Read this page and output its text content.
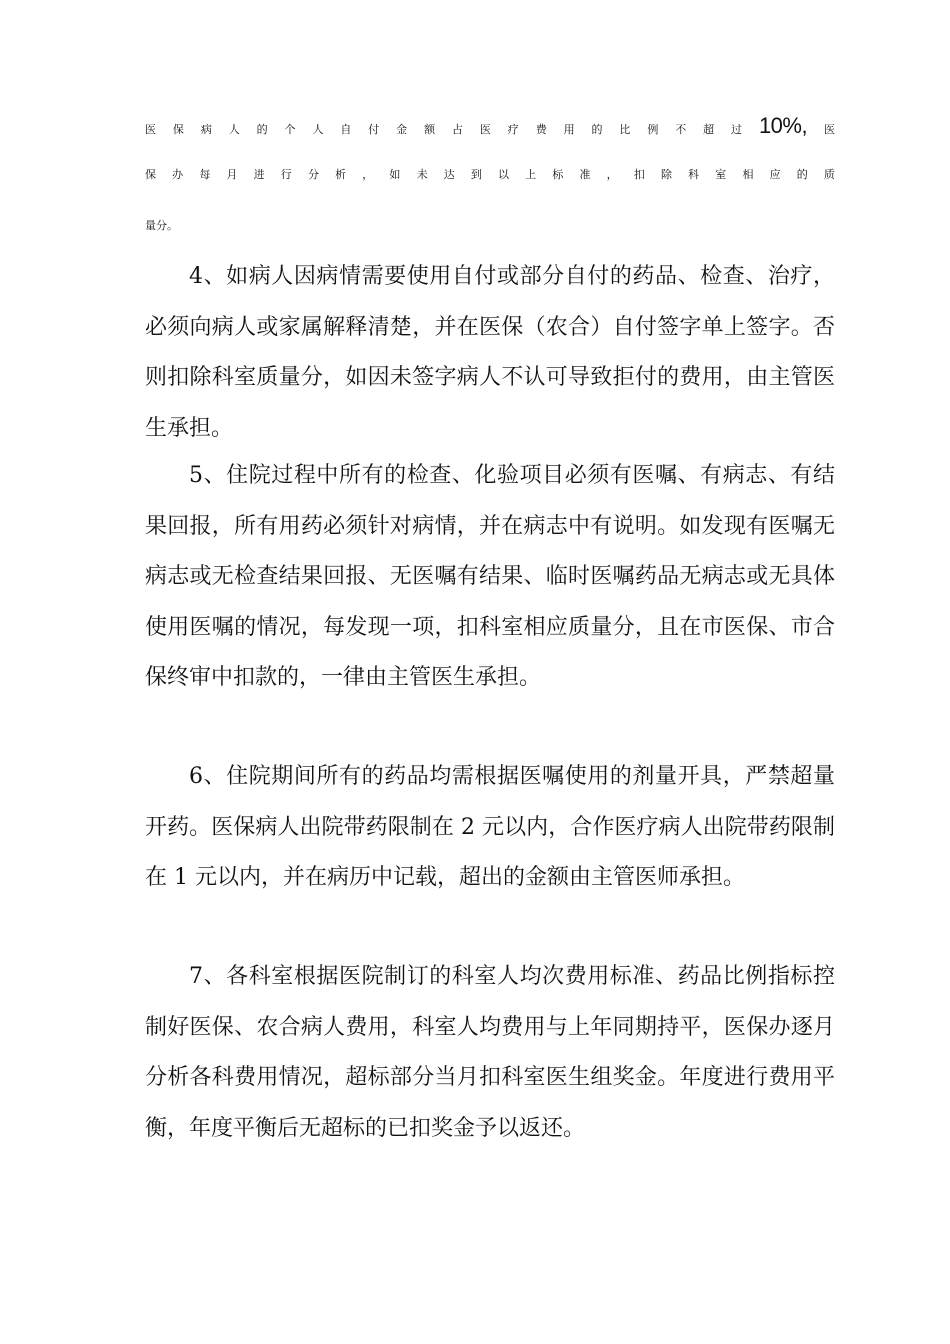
医 保 病 人 的 个 人 自 付 金 额 占 医 疗 费 用 的 比 例 不 超 过 10%, 医
保 办 每 月 进 行 分 析 ， 如 未 达 到 以 上 标 准 ， 扣 除 科 室 相 应 的 质
量分。

4、如病人因病情需要使用自付或部分自付的药品、检查、治疗，必须向病人或家属解释清楚，并在医保（农合）自付签字单上签字。否则扣除科室质量分，如因未签字病人不认可导致拒付的费用，由主管医生承担。

5、住院过程中所有的检查、化验项目必须有医嘱、有病志、有结果回报，所有用药必须针对病情，并在病志中有说明。如发现有医嘱无病志或无检查结果回报、无医嘱有结果、临时医嘱药品无病志或无具体使用医嘱的情况，每发现一项，扣科室相应质量分，且在市医保、市合保终审中扣款的，一律由主管医生承担。

6、住院期间所有的药品均需根据医嘱使用的剂量开具，严禁超量开药。医保病人出院带药限制在 2 元以内，合作医疗病人出院带药限制在 1 元以内，并在病历中记载，超出的金额由主管医师承担。

7、各科室根据医院制订的科室人均次费用标准、药品比例指标控制好医保、农合病人费用，科室人均费用与上年同期持平，医保办逐月分析各科费用情况，超标部分当月扣科室医生组奖金。年度进行费用平衡，年度平衡后无超标的已扣奖金予以返还。
